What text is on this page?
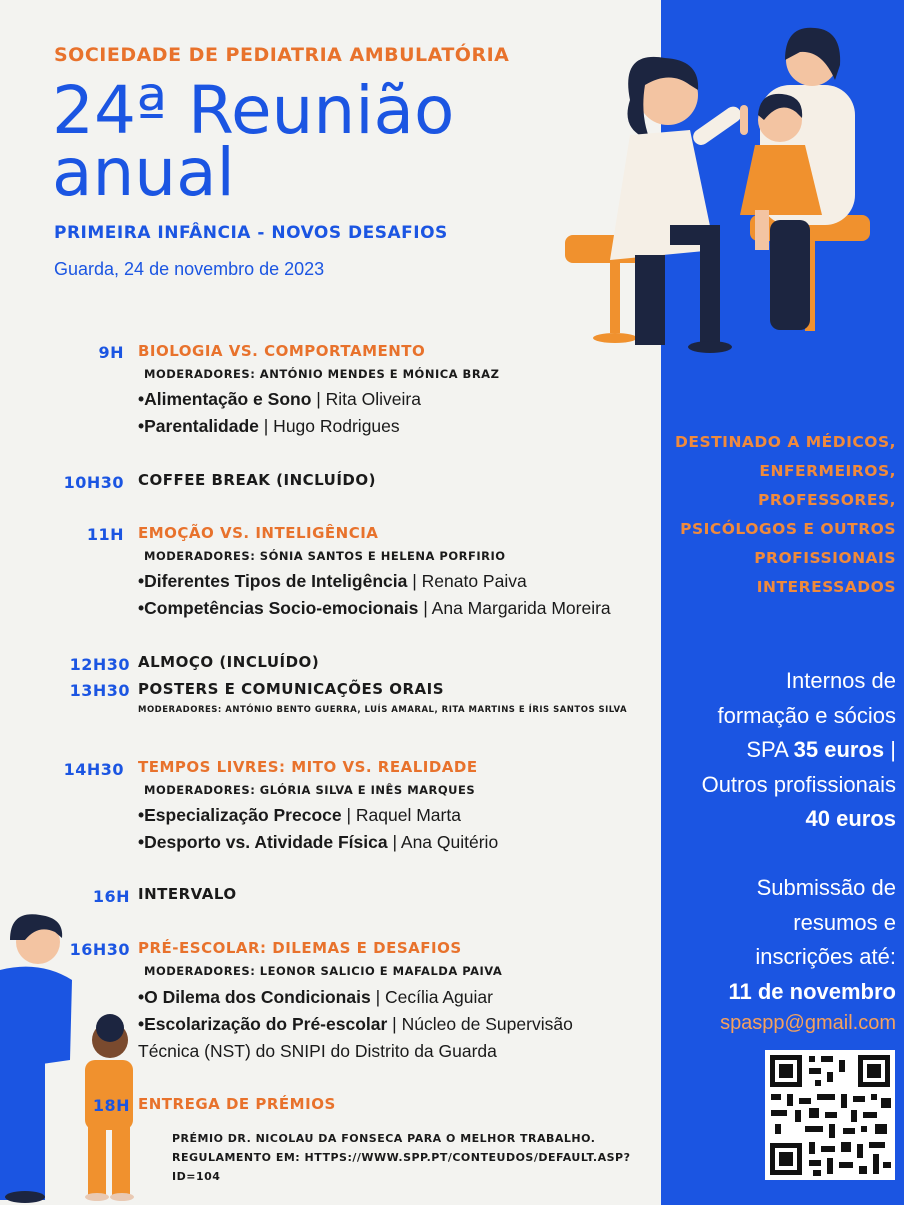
SOCIEDADE DE PEDIATRIA AMBULATÓRIA
24ª Reunião
anual
PRIMEIRA INFÂNCIA - NOVOS DESAFIOS
Guarda, 24 de novembro de 2023
9H BIOLOGIA VS. COMPORTAMENTO
MODERADORES: ANTÓNIO MENDES E MÓNICA BRAZ
•Alimentação e Sono | Rita Oliveira
•Parentalidade | Hugo Rodrigues
10H30 COFFEE BREAK (INCLUÍDO)
11H EMOÇÃO VS. INTELIGÊNCIA
MODERADORES: SÓNIA SANTOS E HELENA PORFIRIO
•Diferentes Tipos de Inteligência | Renato Paiva
•Competências Socio-emocionais | Ana Margarida Moreira
12H30 ALMOÇO (INCLUÍDO)
13H30 POSTERS E COMUNICAÇÕES ORAIS
MODERADORES: ANTÓNIO BENTO GUERRA, LUÍS AMARAL, RITA MARTINS E ÍRIS SANTOS SILVA
14H30 TEMPOS LIVRES: MITO VS. REALIDADE
MODERADORES: GLÓRIA SILVA E INÊS MARQUES
•Especialização Precoce | Raquel Marta
•Desporto vs. Atividade Física | Ana Quitério
16H INTERVALO
16H30 PRÉ-ESCOLAR: DILEMAS E DESAFIOS
MODERADORES: LEONOR SALICIO E MAFALDA PAIVA
•O Dilema dos Condicionais | Cecília Aguiar
•Escolarização do Pré-escolar | Núcleo de Supervisão
Técnica (NST) do SNIPI do Distrito da Guarda
18H ENTREGA DE PRÉMIOS
PRÉMIO DR. NICOLAU DA FONSECA PARA O MELHOR TRABALHO.
REGULAMENTO EM: HTTPS://WWW.SPP.PT/CONTEUDOS/DEFAULT.ASP?
ID=104
DESTINADO A MÉDICOS,
ENFERMEIROS,
PROFESSORES,
PSICÓLOGOS E OUTROS
PROFISSIONAIS
INTERESSADOS
Internos de
formação e sócios
SPA 35 euros |
Outros profissionais
40 euros
Submissão de
resumos e
inscrições até:
11 de novembro
spaspp@gmail.com
